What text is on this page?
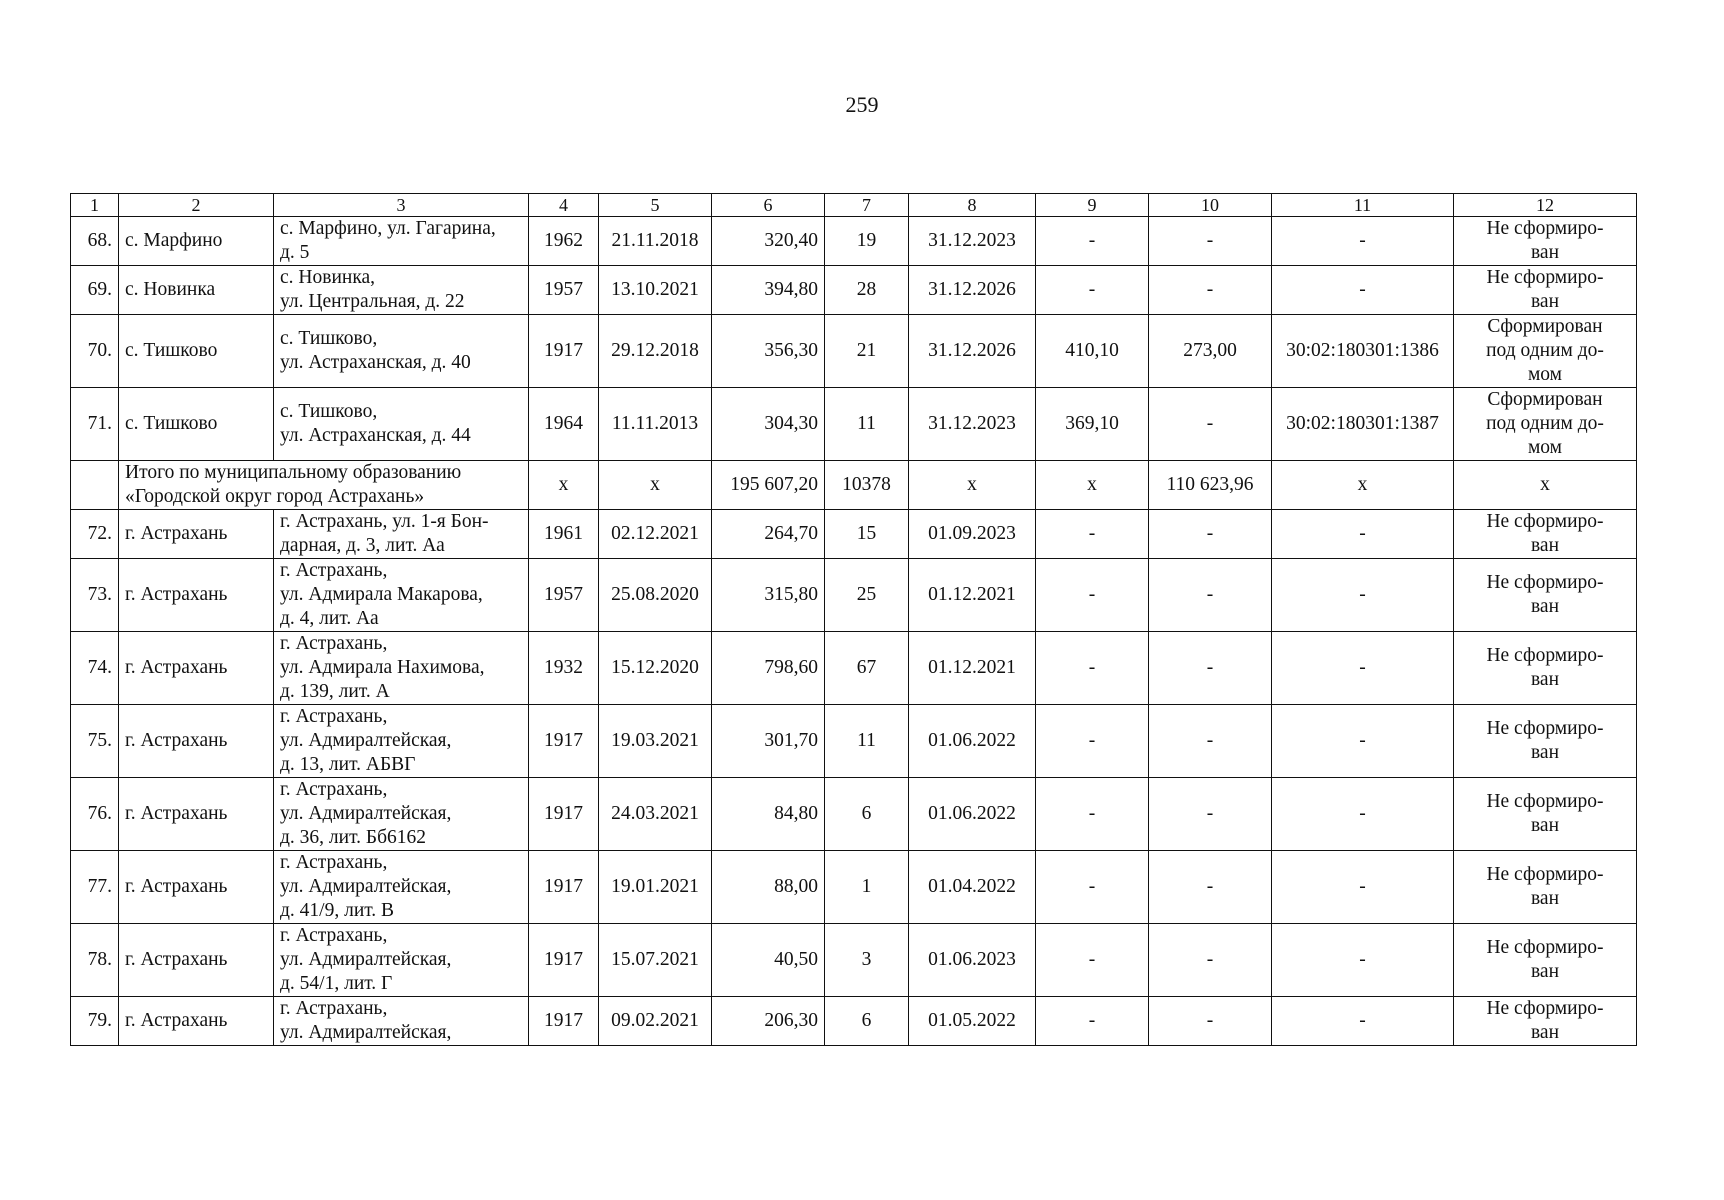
259
1	2	3	4	5	6	7	8	9	10	11	12
68.	с. Марфино	с. Марфино, ул. Гагарина,
д. 5	1962	21.11.2018	320,40	19	31.12.2023	-	-	-	Не сформиро-
ван

69.	с. Новинка	с. Новинка,
ул. Центральная, д. 22	1957	13.10.2021	394,80	28	31.12.2026	-	-	-	Не сформиро-
ван

70.	с. Тишково	с. Тишково,
ул. Астраханская, д. 40	1917	29.12.2018	356,30	21	31.12.2026	410,10	273,00	30:02:180301:1386	Сформирован
под одним до-
мом

71.	с. Тишково	с. Тишково,
ул. Астраханская, д. 44	1964	11.11.2013	304,30	11	31.12.2023	369,10	-	30:02:180301:1387	Сформирован
под одним до-
мом

	Итого по муниципальному образованию
«Городской округ город Астрахань»		x	x	195 607,20	10378	x	x	110 623,96	x	x
72.	г. Астрахань	г. Астрахань, ул. 1-я Бон-
дарная, д. 3, лит. Аа	1961	02.12.2021	264,70	15	01.09.2023	-	-	-	Не сформиро-
ван

73.	г. Астрахань	г. Астрахань,
ул. Адмирала Макарова,
д. 4, лит. Аа	1957	25.08.2020	315,80	25	01.12.2021	-	-	-	Не сформиро-
ван

74.	г. Астрахань	г. Астрахань,
ул. Адмирала Нахимова,
д. 139, лит. А	1932	15.12.2020	798,60	67	01.12.2021	-	-	-	Не сформиро-
ван

75.	г. Астрахань	г. Астрахань,
ул. Адмиралтейская,
д. 13, лит. АБВГ	1917	19.03.2021	301,70	11	01.06.2022	-	-	-	Не сформиро-
ван

76.	г. Астрахань	г. Астрахань,
ул. Адмиралтейская,
д. 36, лит. Бб6162	1917	24.03.2021	84,80	6	01.06.2022	-	-	-	Не сформиро-
ван

77.	г. Астрахань	г. Астрахань,
ул. Адмиралтейская,
д. 41/9, лит. В	1917	19.01.2021	88,00	1	01.04.2022	-	-	-	Не сформиро-
ван

78.	г. Астрахань	г. Астрахань,
ул. Адмиралтейская,
д. 54/1, лит. Г	1917	15.07.2021	40,50	3	01.06.2023	-	-	-	Не сформиро-
ван

79.	г. Астрахань	г. Астрахань,
ул. Адмиралтейская,	1917	09.02.2021	206,30	6	01.05.2022	-	-	-	Не сформиро-
ван
